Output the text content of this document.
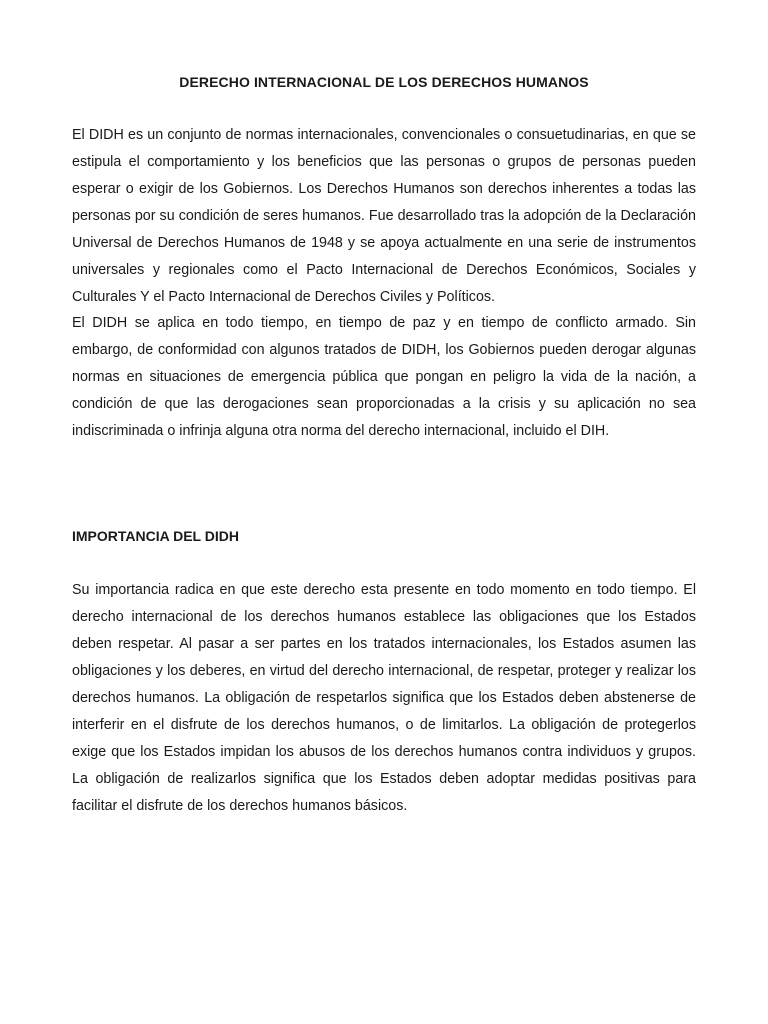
DERECHO INTERNACIONAL DE LOS DERECHOS HUMANOS

El DIDH es un conjunto de normas internacionales, convencionales o consuetudinarias, en que se estipula el comportamiento y los beneficios que las personas o grupos de personas pueden esperar o exigir de los Gobiernos. Los Derechos Humanos son derechos inherentes a todas las personas por su condición de seres humanos. Fue desarrollado tras la adopción de la Declaración Universal de Derechos Humanos de 1948 y se apoya actualmente en una serie de instrumentos universales y regionales como el Pacto Internacional de Derechos Económicos, Sociales y Culturales Y el Pacto Internacional de Derechos Civiles y Políticos.

El DIDH se aplica en todo tiempo, en tiempo de paz y en tiempo de conflicto armado. Sin embargo, de conformidad con algunos tratados de DIDH, los Gobiernos pueden derogar algunas normas en situaciones de emergencia pública que pongan en peligro la vida de la nación, a condición de que las derogaciones sean proporcionadas a la crisis y su aplicación no sea indiscriminada o infrinja alguna otra norma del derecho internacional, incluido el DIH.

IMPORTANCIA DEL DIDH

Su importancia radica en que este derecho esta presente en todo momento en todo tiempo. El derecho internacional de los derechos humanos establece las obligaciones que los Estados deben respetar. Al pasar a ser partes en los tratados internacionales, los Estados asumen las obligaciones y los deberes, en virtud del derecho internacional, de respetar, proteger y realizar los derechos humanos. La obligación de respetarlos significa que los Estados deben abstenerse de interferir en el disfrute de los derechos humanos, o de limitarlos. La obligación de protegerlos exige que los Estados impidan los abusos de los derechos humanos contra individuos y grupos. La obligación de realizarlos significa que los Estados deben adoptar medidas positivas para facilitar el disfrute de los derechos humanos básicos.
